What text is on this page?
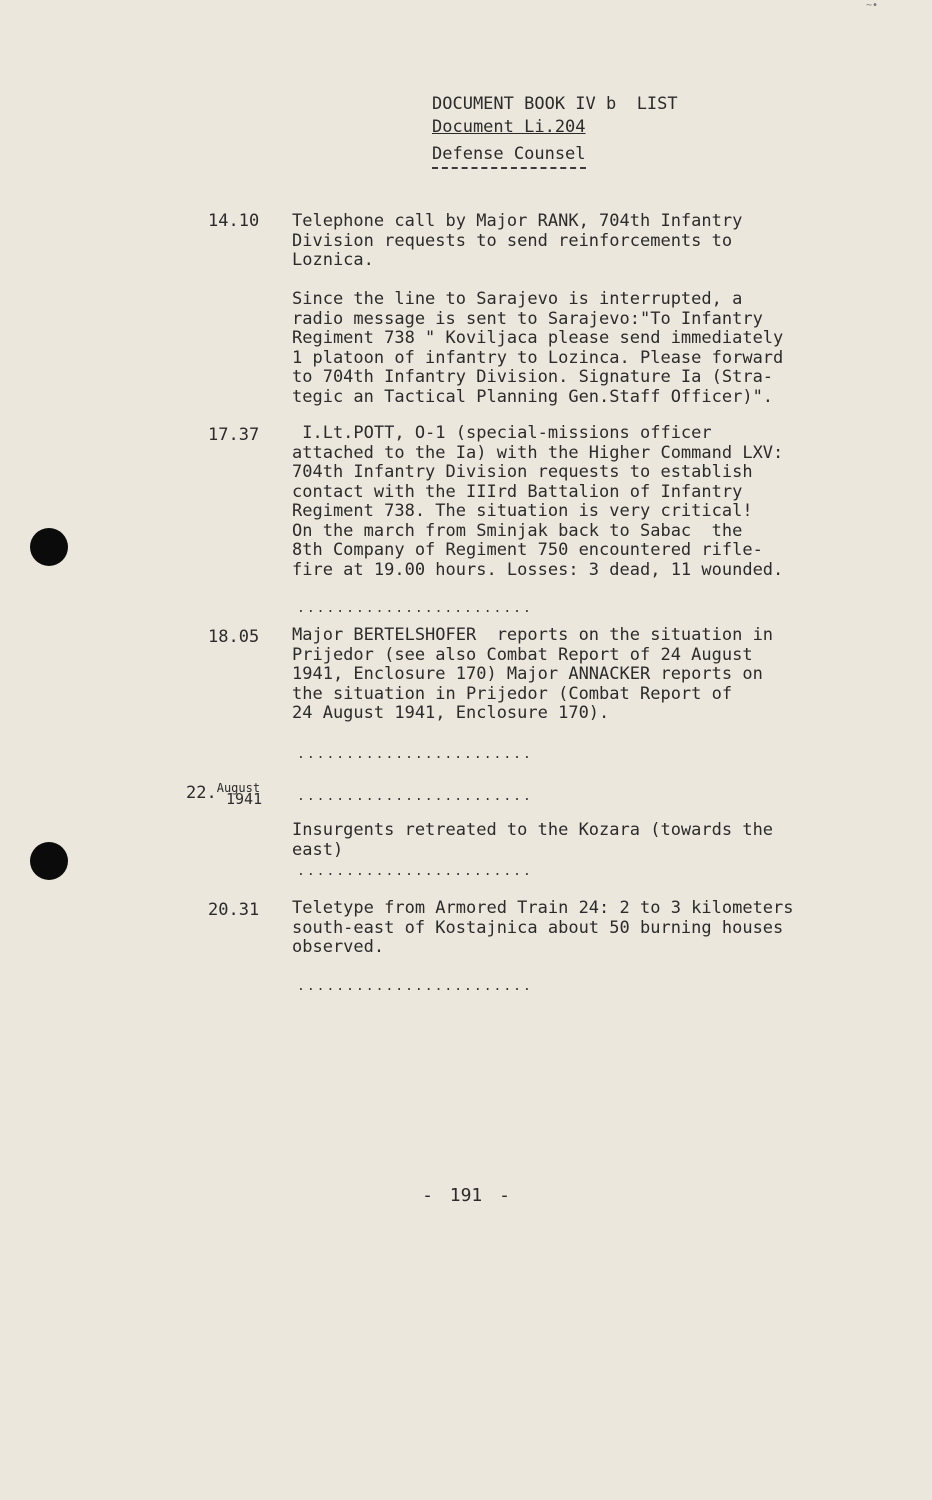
~•
DOCUMENT BOOK IV b  LIST
Document Li.204
Defense Counsel
14.10 Telephone call by Major RANK, 704th Infantry
Division requests to send reinforcements to
Loznica.
Since the line to Sarajevo is interrupted, a
radio message is sent to Sarajevo:"To Infantry
Regiment 738 " Koviljaca please send immediately
1 platoon of infantry to Lozinca. Please forward
to 704th Infantry Division. Signature Ia (Stra-
tegic an Tactical Planning Gen.Staff Officer)".
17.37	I.Lt.POTT, O-1 (special-missions officer
attached to the Ia) with the Higher Command LXV:
704th Infantry Division requests to establish
contact with the IIIrd Battalion of Infantry
Regiment 738. The situation is very critical!
On the march from Sminjak back to Sabac  the
8th Company of Regiment 750 encountered rifle-
fire at 19.00 hours. Losses: 3 dead, 11 wounded.
........................
18.05 Major BERTELSHOFER  reports on the situation in
Prijedor (see also Combat Report of 24 August
1941, Enclosure 170) Major ANNACKER reports on
the situation in Prijedor (Combat Report of
24 August 1941, Enclosure 170).
........................
22.$^{August}$
1941	........................
Insurgents retreated to the Kozara (towards the
east)
........................
20.31 Teletype from Armored Train 24: 2 to 3 kilometers
south-east of Kostajnica about 50 burning houses
observed.
........................
- 191 -
